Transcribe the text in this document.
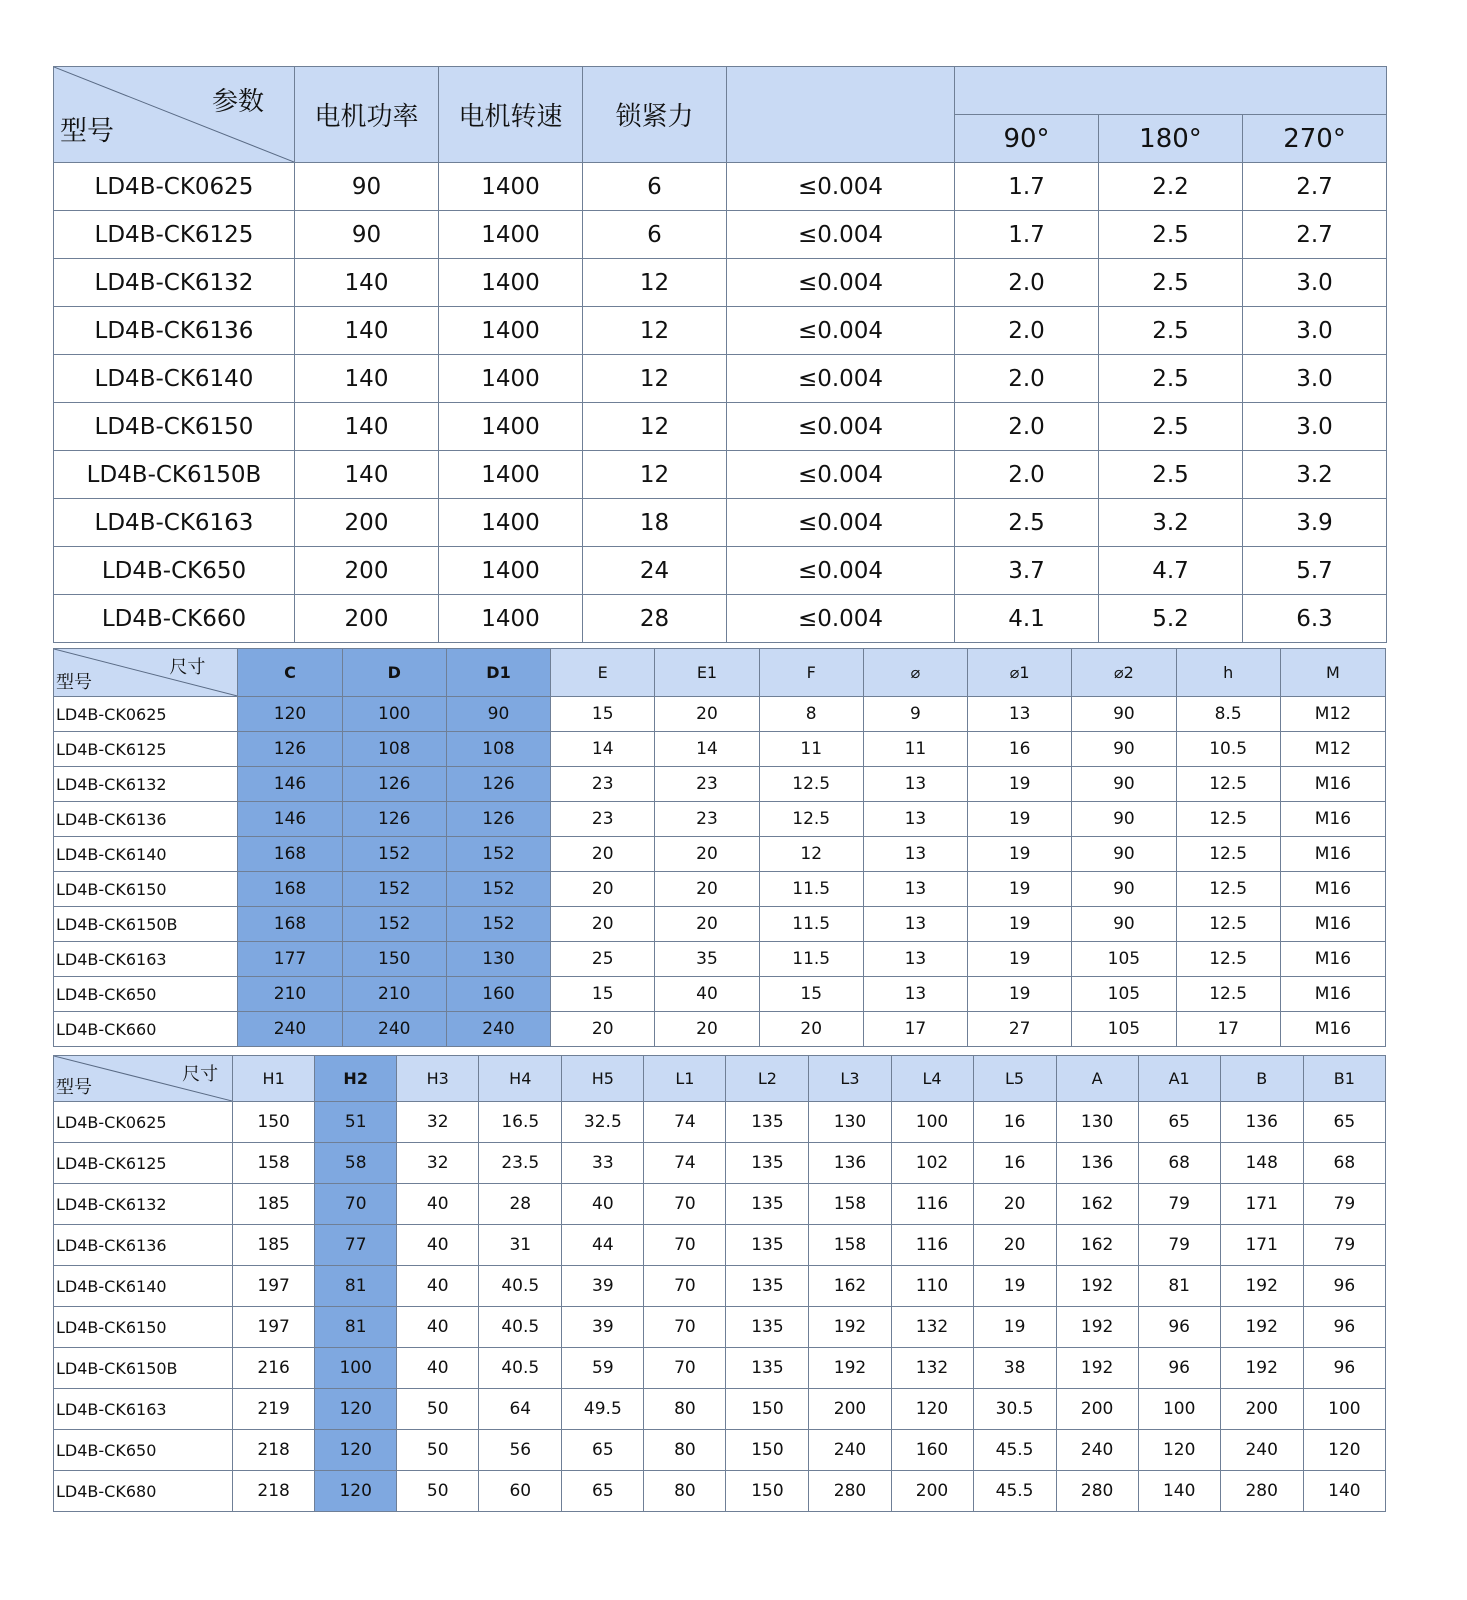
参数
型号	电机功率	电机转速	锁紧力				
					90°	180°	270°
LD4B-CK0625	90	1400	6	≤0.004	1.7	2.2	2.7
LD4B-CK6125	90	1400	6	≤0.004	1.7	2.5	2.7
LD4B-CK6132	140	1400	12	≤0.004	2.0	2.5	3.0
LD4B-CK6136	140	1400	12	≤0.004	2.0	2.5	3.0
LD4B-CK6140	140	1400	12	≤0.004	2.0	2.5	3.0
LD4B-CK6150	140	1400	12	≤0.004	2.0	2.5	3.0
LD4B-CK6150B	140	1400	12	≤0.004	2.0	2.5	3.2
LD4B-CK6163	200	1400	18	≤0.004	2.5	3.2	3.9
LD4B-CK650	200	1400	24	≤0.004	3.7	4.7	5.7
LD4B-CK660	200	1400	28	≤0.004	4.1	5.2	6.3
尺寸
型号	C	D	D1	E	E1	F	⌀	⌀1	⌀2	h	M
LD4B-CK0625	120	100	90	15	20	8	9	13	90	8.5	M12
LD4B-CK6125	126	108	108	14	14	11	11	16	90	10.5	M12
LD4B-CK6132	146	126	126	23	23	12.5	13	19	90	12.5	M16
LD4B-CK6136	146	126	126	23	23	12.5	13	19	90	12.5	M16
LD4B-CK6140	168	152	152	20	20	12	13	19	90	12.5	M16
LD4B-CK6150	168	152	152	20	20	11.5	13	19	90	12.5	M16
LD4B-CK6150B	168	152	152	20	20	11.5	13	19	90	12.5	M16
LD4B-CK6163	177	150	130	25	35	11.5	13	19	105	12.5	M16
LD4B-CK650	210	210	160	15	40	15	13	19	105	12.5	M16
LD4B-CK660	240	240	240	20	20	20	17	27	105	17	M16
尺寸
型号	H1	H2	H3	H4	H5	L1	L2	L3	L4	L5	A	A1	B	B1
LD4B-CK0625	150	51	32	16.5	32.5	74	135	130	100	16	130	65	136	65
LD4B-CK6125	158	58	32	23.5	33	74	135	136	102	16	136	68	148	68
LD4B-CK6132	185	70	40	28	40	70	135	158	116	20	162	79	171	79
LD4B-CK6136	185	77	40	31	44	70	135	158	116	20	162	79	171	79
LD4B-CK6140	197	81	40	40.5	39	70	135	162	110	19	192	81	192	96
LD4B-CK6150	197	81	40	40.5	39	70	135	192	132	19	192	96	192	96
LD4B-CK6150B	216	100	40	40.5	59	70	135	192	132	38	192	96	192	96
LD4B-CK6163	219	120	50	64	49.5	80	150	200	120	30.5	200	100	200	100
LD4B-CK650	218	120	50	56	65	80	150	240	160	45.5	240	120	240	120
LD4B-CK680	218	120	50	60	65	80	150	280	200	45.5	280	140	280	140
